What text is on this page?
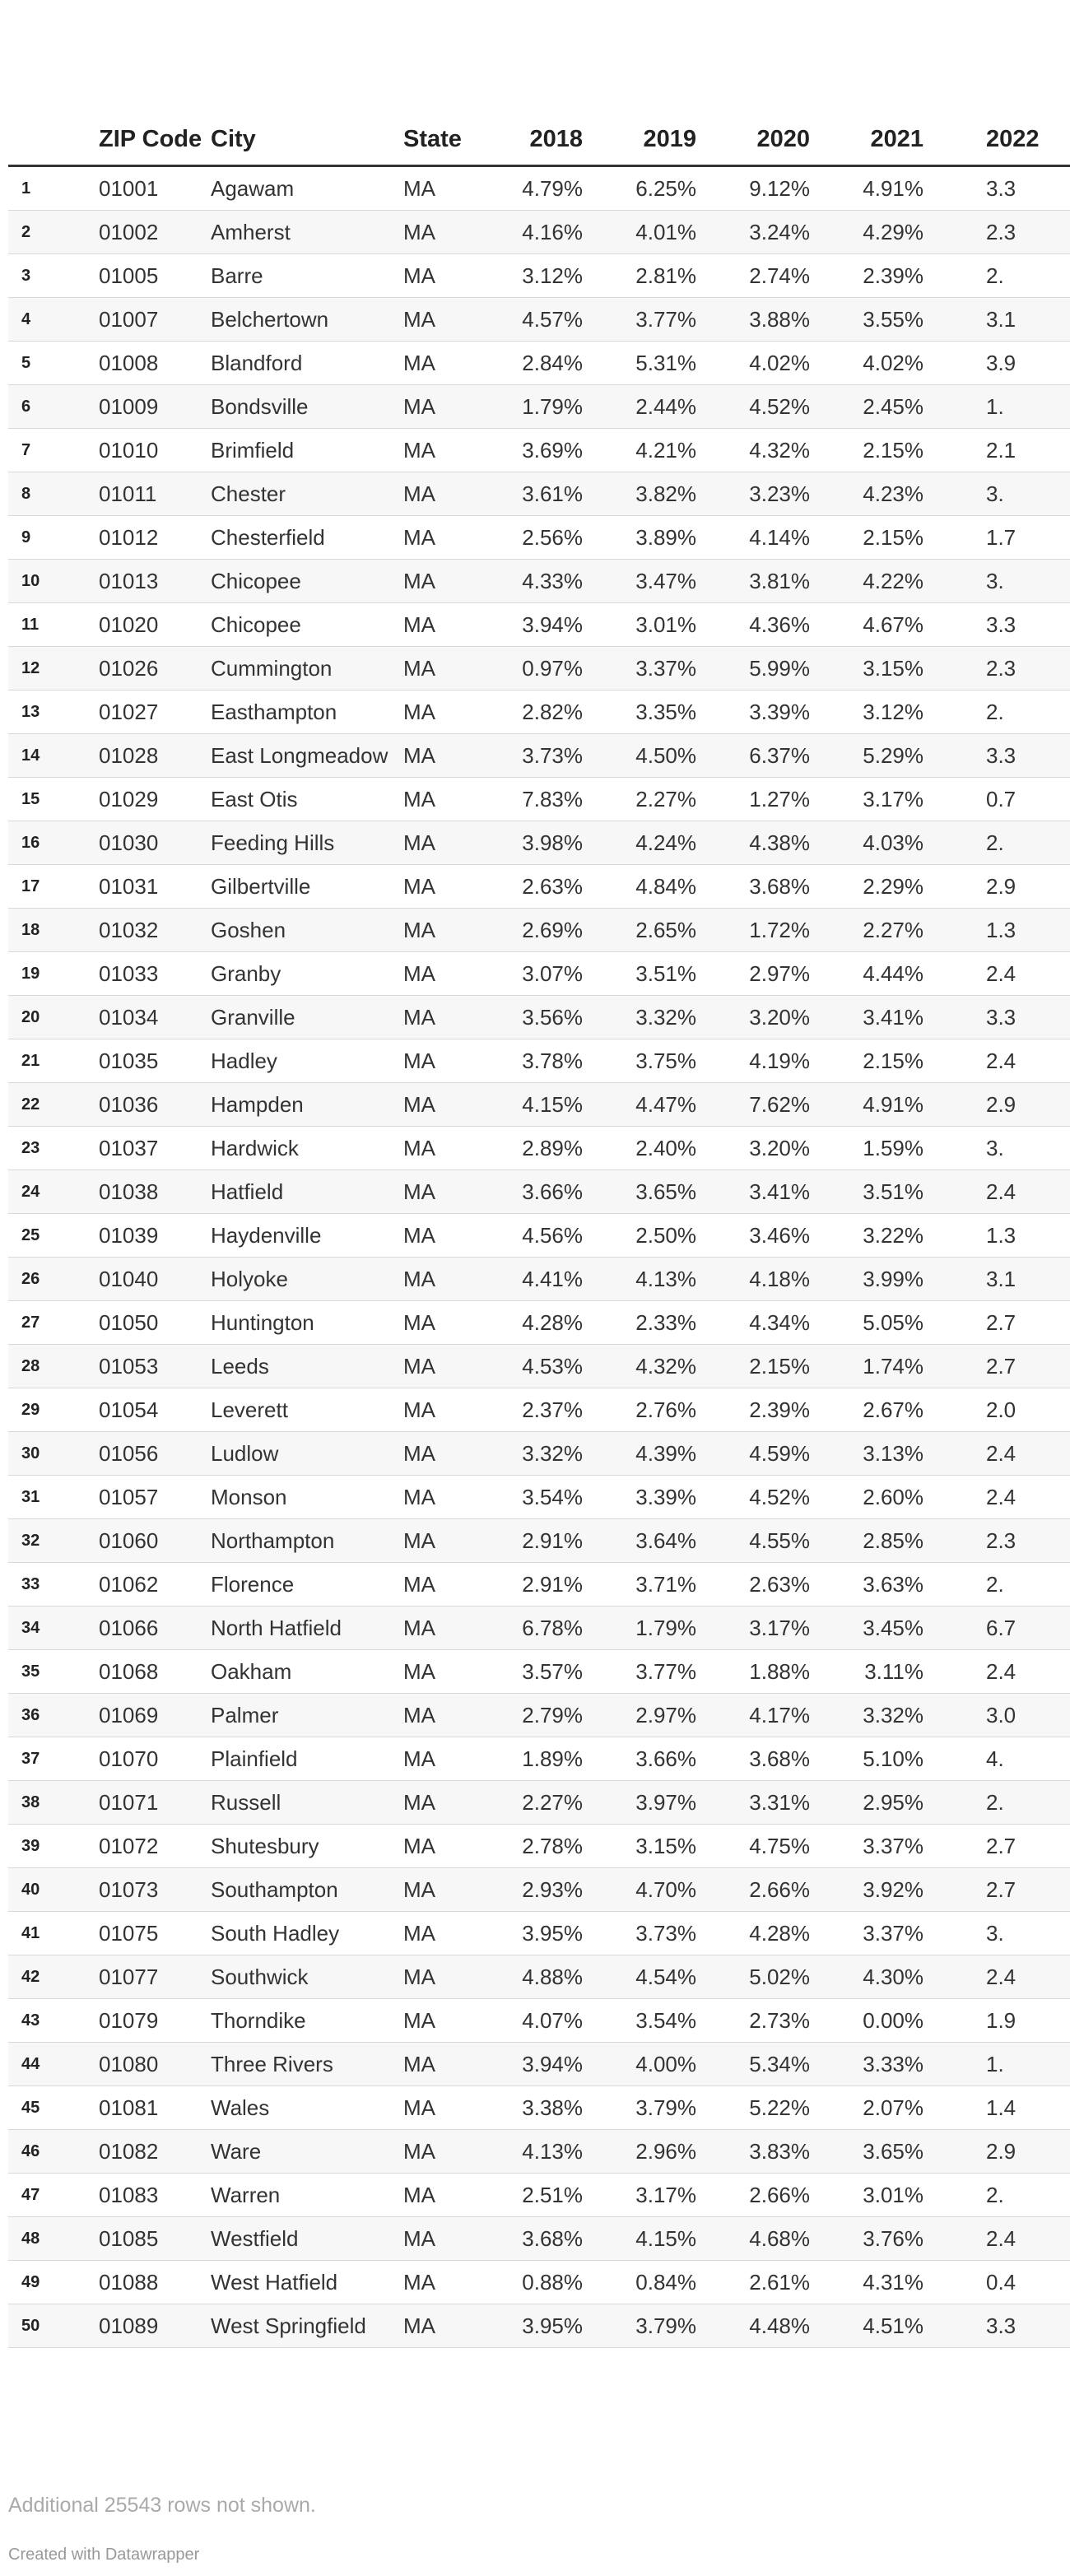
	ZIP Code	City	State	2018	2019	2020	2021	2022
1	01001	Agawam	MA	4.79%	6.25%	9.12%	4.91%	3.3
2	01002	Amherst	MA	4.16%	4.01%	3.24%	4.29%	2.3
3	01005	Barre	MA	3.12%	2.81%	2.74%	2.39%	2.
4	01007	Belchertown	MA	4.57%	3.77%	3.88%	3.55%	3.1
5	01008	Blandford	MA	2.84%	5.31%	4.02%	4.02%	3.9
6	01009	Bondsville	MA	1.79%	2.44%	4.52%	2.45%	1.
7	01010	Brimfield	MA	3.69%	4.21%	4.32%	2.15%	2.1
8	01011	Chester	MA	3.61%	3.82%	3.23%	4.23%	3.
9	01012	Chesterfield	MA	2.56%	3.89%	4.14%	2.15%	1.7
10	01013	Chicopee	MA	4.33%	3.47%	3.81%	4.22%	3.
11	01020	Chicopee	MA	3.94%	3.01%	4.36%	4.67%	3.3
12	01026	Cummington	MA	0.97%	3.37%	5.99%	3.15%	2.3
13	01027	Easthampton	MA	2.82%	3.35%	3.39%	3.12%	2.
14	01028	East Longmeadow	MA	3.73%	4.50%	6.37%	5.29%	3.3
15	01029	East Otis	MA	7.83%	2.27%	1.27%	3.17%	0.7
16	01030	Feeding Hills	MA	3.98%	4.24%	4.38%	4.03%	2.
17	01031	Gilbertville	MA	2.63%	4.84%	3.68%	2.29%	2.9
18	01032	Goshen	MA	2.69%	2.65%	1.72%	2.27%	1.3
19	01033	Granby	MA	3.07%	3.51%	2.97%	4.44%	2.4
20	01034	Granville	MA	3.56%	3.32%	3.20%	3.41%	3.3
21	01035	Hadley	MA	3.78%	3.75%	4.19%	2.15%	2.4
22	01036	Hampden	MA	4.15%	4.47%	7.62%	4.91%	2.9
23	01037	Hardwick	MA	2.89%	2.40%	3.20%	1.59%	3.
24	01038	Hatfield	MA	3.66%	3.65%	3.41%	3.51%	2.4
25	01039	Haydenville	MA	4.56%	2.50%	3.46%	3.22%	1.3
26	01040	Holyoke	MA	4.41%	4.13%	4.18%	3.99%	3.1
27	01050	Huntington	MA	4.28%	2.33%	4.34%	5.05%	2.7
28	01053	Leeds	MA	4.53%	4.32%	2.15%	1.74%	2.7
29	01054	Leverett	MA	2.37%	2.76%	2.39%	2.67%	2.0
30	01056	Ludlow	MA	3.32%	4.39%	4.59%	3.13%	2.4
31	01057	Monson	MA	3.54%	3.39%	4.52%	2.60%	2.4
32	01060	Northampton	MA	2.91%	3.64%	4.55%	2.85%	2.3
33	01062	Florence	MA	2.91%	3.71%	2.63%	3.63%	2.
34	01066	North Hatfield	MA	6.78%	1.79%	3.17%	3.45%	6.7
35	01068	Oakham	MA	3.57%	3.77%	1.88%	3.11%	2.4
36	01069	Palmer	MA	2.79%	2.97%	4.17%	3.32%	3.0
37	01070	Plainfield	MA	1.89%	3.66%	3.68%	5.10%	4.
38	01071	Russell	MA	2.27%	3.97%	3.31%	2.95%	2.
39	01072	Shutesbury	MA	2.78%	3.15%	4.75%	3.37%	2.7
40	01073	Southampton	MA	2.93%	4.70%	2.66%	3.92%	2.7
41	01075	South Hadley	MA	3.95%	3.73%	4.28%	3.37%	3.
42	01077	Southwick	MA	4.88%	4.54%	5.02%	4.30%	2.4
43	01079	Thorndike	MA	4.07%	3.54%	2.73%	0.00%	1.9
44	01080	Three Rivers	MA	3.94%	4.00%	5.34%	3.33%	1.
45	01081	Wales	MA	3.38%	3.79%	5.22%	2.07%	1.4
46	01082	Ware	MA	4.13%	2.96%	3.83%	3.65%	2.9
47	01083	Warren	MA	2.51%	3.17%	2.66%	3.01%	2.
48	01085	Westfield	MA	3.68%	4.15%	4.68%	3.76%	2.4
49	01088	West Hatfield	MA	0.88%	0.84%	2.61%	4.31%	0.4
50	01089	West Springfield	MA	3.95%	3.79%	4.48%	4.51%	3.3
Additional 25543 rows not shown.
Created with Datawrapper
